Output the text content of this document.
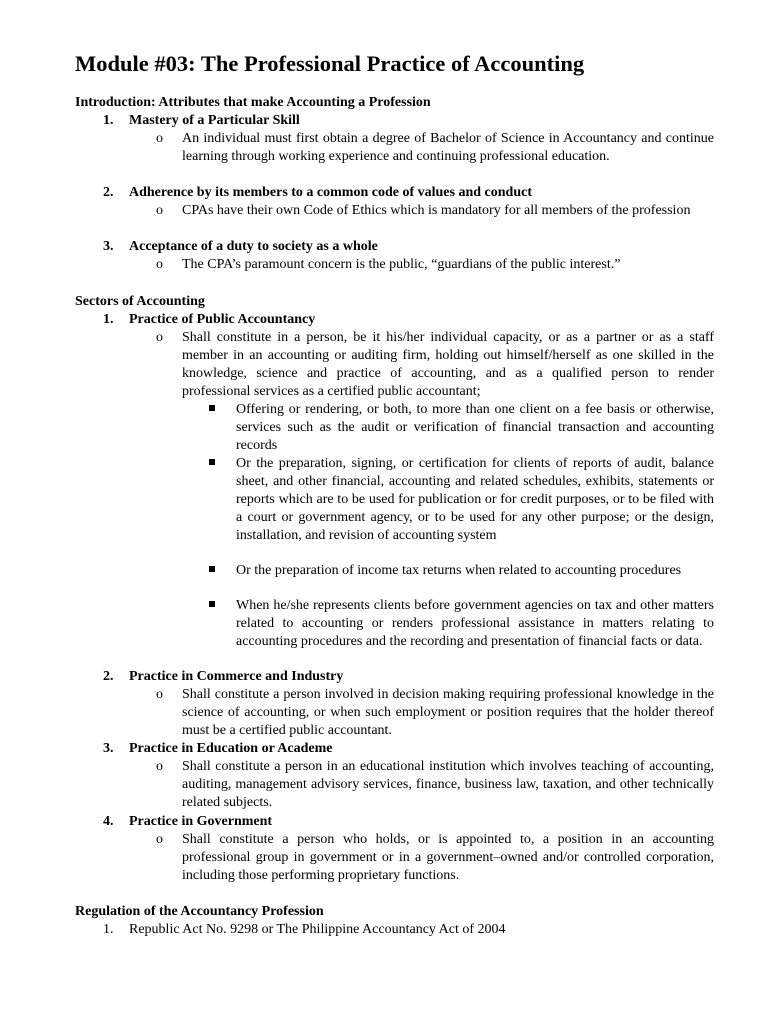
Module #03: The Professional Practice of Accounting

Introduction: Attributes that make Accounting a Profession

1. Mastery of a Particular Skill

o An individual must first obtain a degree of Bachelor of Science in Accountancy and continue learning through working experience and continuing professional education.

2. Adherence by its members to a common code of values and conduct

o CPAs have their own Code of Ethics which is mandatory for all members of the profession

3. Acceptance of a duty to society as a whole

o The CPA’s paramount concern is the public, “guardians of the public interest.”

Sectors of Accounting

1. Practice of Public Accountancy

o Shall constitute in a person, be it his/her individual capacity, or as a partner or as a staff member in an accounting or auditing firm, holding out himself/herself as one skilled in the knowledge, science and practice of accounting, and as a qualified person to render professional services as a certified public accountant;
Offering or rendering, or both, to more than one client on a fee basis or otherwise, services such as the audit or verification of financial transaction and accounting records
Or the preparation, signing, or certification for clients of reports of audit, balance sheet, and other financial, accounting and related schedules, exhibits, statements or reports which are to be used for publication or for credit purposes, or to be filed with a court or government agency, or to be used for any other purpose; or the design, installation, and revision of accounting system
Or the preparation of income tax returns when related to accounting procedures
When he/she represents clients before government agencies on tax and other matters related to accounting or renders professional assistance in matters relating to accounting procedures and the recording and presentation of financial facts or data.

2. Practice in Commerce and Industry

o Shall constitute a person involved in decision making requiring professional knowledge in the science of accounting, or when such employment or position requires that the holder thereof must be a certified public accountant.

3. Practice in Education or Academe

o Shall constitute a person in an educational institution which involves teaching of accounting, auditing, management advisory services, finance, business law, taxation, and other technically related subjects.

4. Practice in Government

o Shall constitute a person who holds, or is appointed to, a position in an accounting professional group in government or in a government–owned and/or controlled corporation, including those performing proprietary functions.

Regulation of the Accountancy Profession

1. Republic Act No. 9298 or The Philippine Accountancy Act of 2004
